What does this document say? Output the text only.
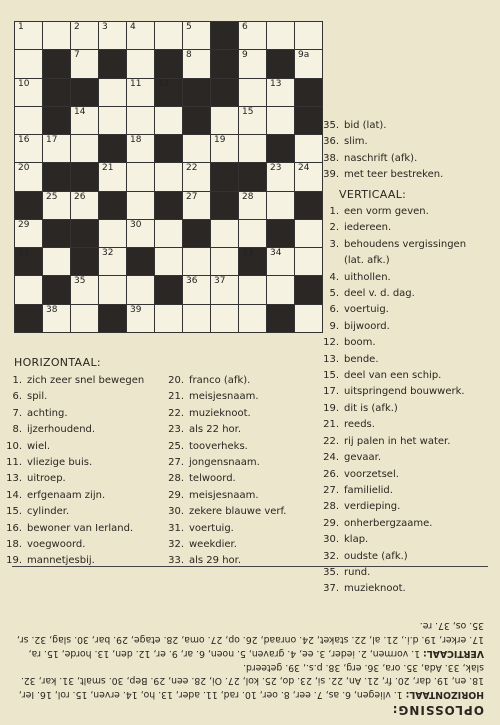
1	2 3 4	5	6
7	8	9	9a
10	11 12	13
14	15
16 17	18	19
20	21	22	23 24
25 26	27	28
29	30
31	32	33 34
35	36 37
38	39
HORIZONTAAL:
1. zich zeer snel bewegen
6. spil.
7. achting.
8. ijzerhoudend.
10. wiel.
11. vliezige buis.
13. uitroep.
14. erfgenaam zijn.
15. cylinder.
16. bewoner van Ierland.
18. voegwoord.
19. mannetjesbij.
20. franco (afk).
21. meisjesnaam.
22. muzieknoot.
23. als 22 hor.
25. tooverheks.
27. jongensnaam.
28. telwoord.
29. meisjesnaam.
30. zekere blauwe verf.
31. voertuig.
32. weekdier.
33. als 29 hor.
35. bid (lat).
36. slim.
38. naschrift (afk).
39. met teer bestreken.
VERTICAAL:
1. een vorm geven.
2. iedereen.
3. behoudens vergissingen
(lat. afk.)
4. uithollen.
5. deel v. d. dag.
6. voertuig.
9. bijwoord.
12. boom.
13. bende.
15. deel van een schip.
17. uitspringend bouwwerk.
19. dit is (afk.)
21. reeds.
22. rij palen in het water.
24. gevaar.
26. voorzetsel.
27. familielid.
28. verdieping.
29. onherbergzaame.
30. klap.
32. oudste (afk.)
35. rund.
37. muzieknoot.

OPLOSSING:

HORIZONTAAL: 1. vliegen, 6. as, 7. eer, 8. oer, 10. rad, 11. ader, 13. ho, 14. erven, 15. rol, 16. Ier, 18. en, 19. dar, 20. fr, 21. An, 22. si, 23. do, 25. kol, 27. Oi, 28. een, 29. Bep, 30. smalt, 31. kar, 32. slak, 33. Ada, 35. ora, 36. erg, 38. p.s., 39. geteerd.

VERTICAAL: 1. vormen, 2. ieder, 3. ee, 4. graven, 5. noen, 6. ar, 9. er, 12. den, 13. horde, 15. ra, 17. erker, 19. d.i., 21. al, 22. staket, 24. onraad, 26. op, 27. oma, 28. etage, 29. bar, 30. slag, 32. sr, 35. os, 37. re.
